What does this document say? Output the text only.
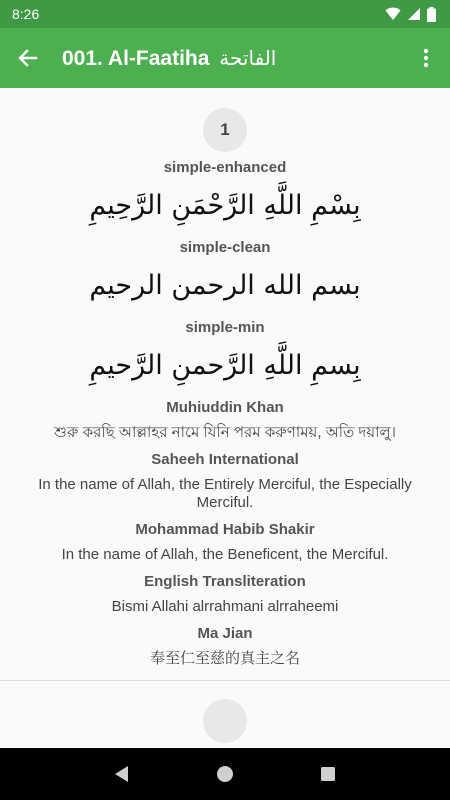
8:26
001. Al-Faatiha الفاتحة
1
simple-enhanced
بِسْمِ اللَّهِ الرَّحْمَنِ الرَّحِيمِ
simple-clean
بسم الله الرحمن الرحيم
simple-min
بِسمِ اللَّهِ الرَّحمنِ الرَّحيمِ
Muhiuddin Khan
শুরু করছি আল্লাহর নামে যিনি পরম করুণাময়, অতি দয়ালু।
Saheeh International
In the name of Allah, the Entirely Merciful, the Especially Merciful.
Mohammad Habib Shakir
In the name of Allah, the Beneficent, the Merciful.
English Transliteration
Bismi Allahi alrrahmani alrraheemi
Ma Jian
奉至仁至慈的真主之名
